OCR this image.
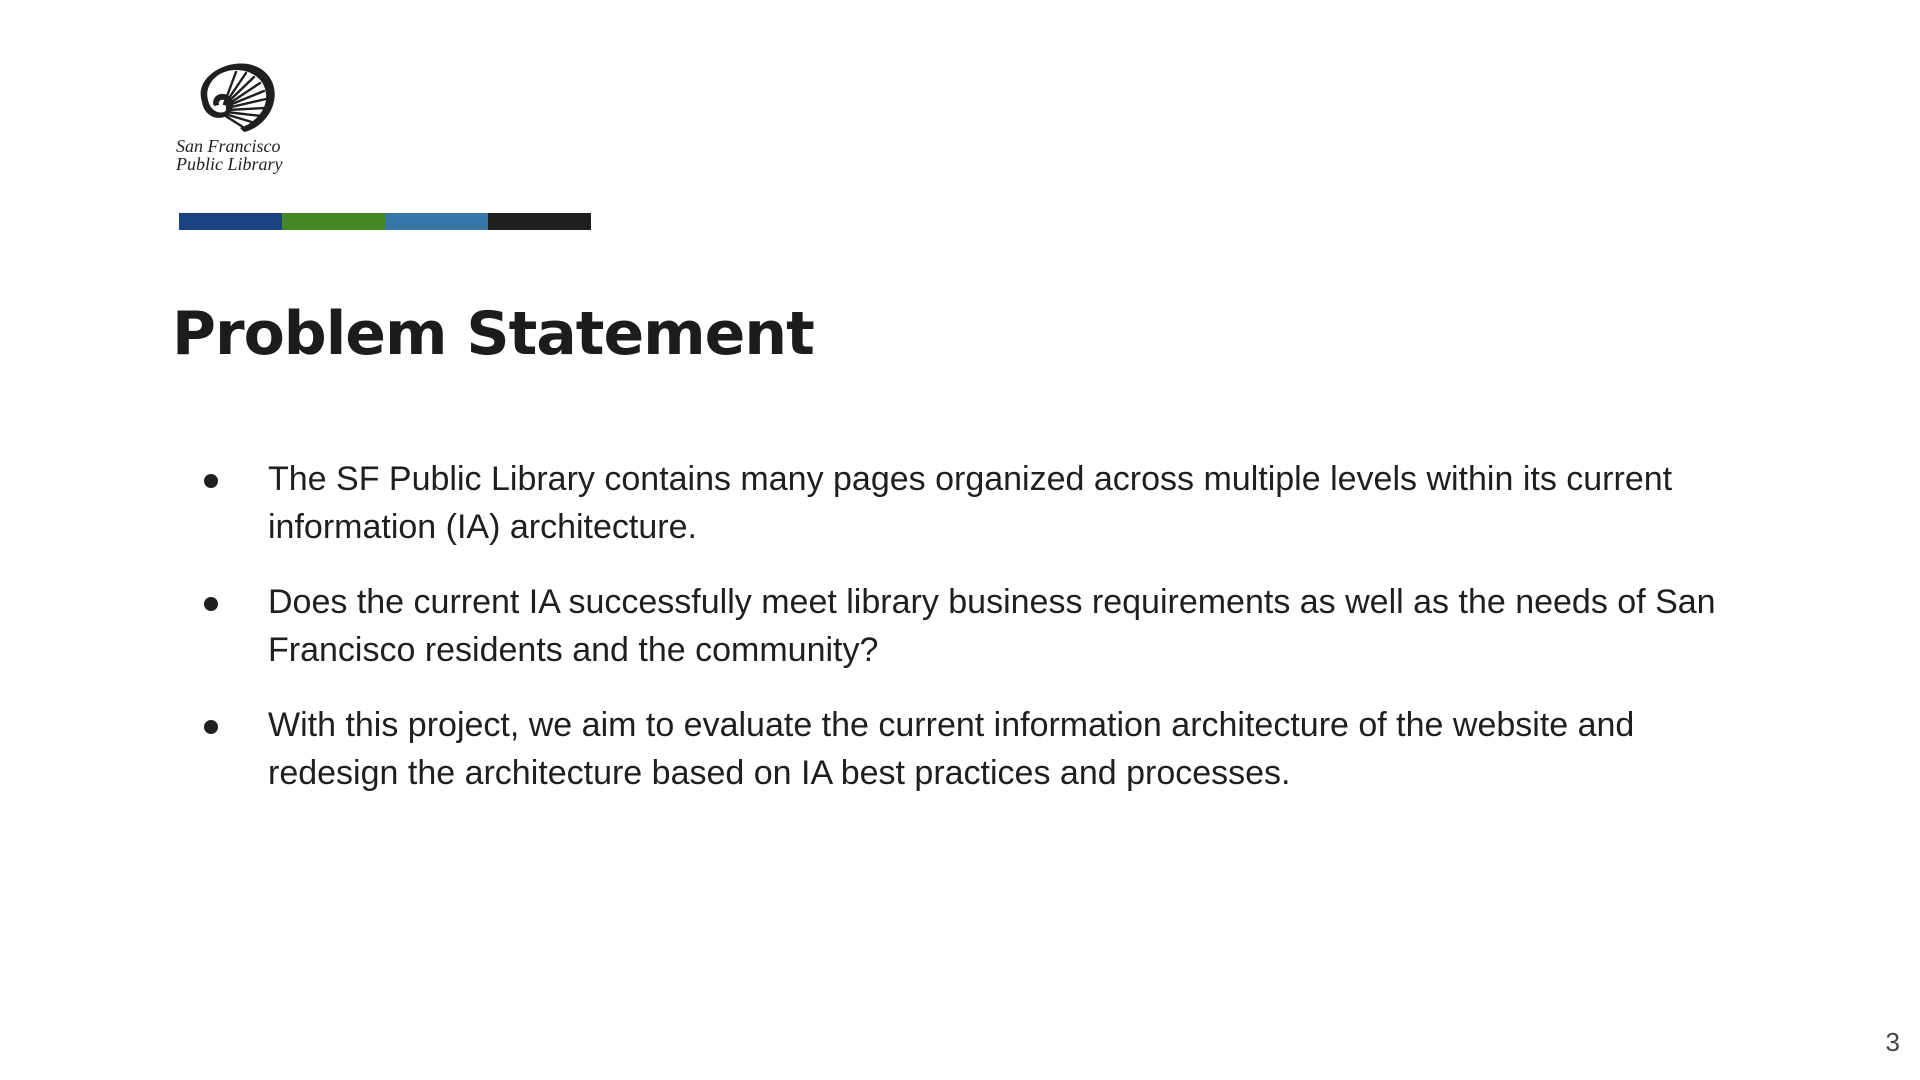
San Francisco
Public Library
Problem Statement
The SF Public Library contains many pages organized across multiple levels within its current information (IA) architecture.
Does the current IA successfully meet library business requirements as well as the needs of San Francisco residents and the community?
With this project, we aim to evaluate the current information architecture of the website and redesign the architecture based on IA best practices and processes.
3
